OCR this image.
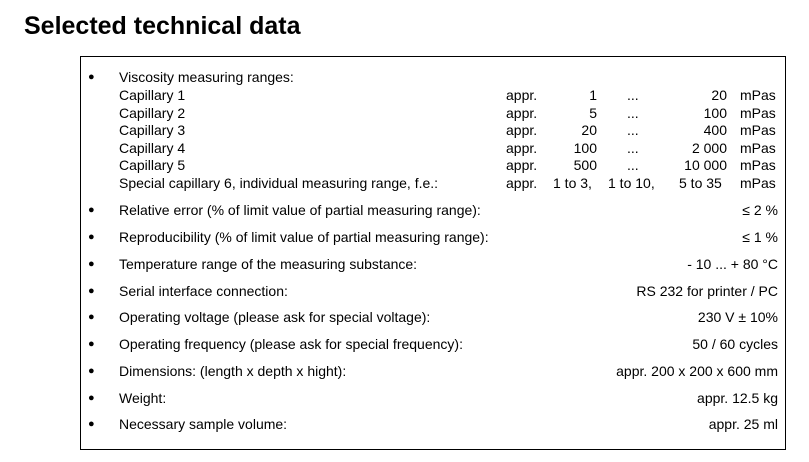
Selected technical data
● Viscosity measuring ranges:
Capillary 1	appr.	1 ...	20 mPas
Capillary 2	appr.	5 ...	100 mPas
Capillary 3	appr.	20 ...	400 mPas
Capillary 4	appr.	100 ...	2 000 mPas
Capillary 5	appr.	500 ...	10 000 mPas
Special capillary 6, individual measuring range, f.e.:	appr. 1 to 3, 1 to 10, 5 to 35 mPas
● Relative error (% of limit value of partial measuring range):	≤ 2 %
● Reproducibility (% of limit value of partial measuring range):	≤ 1 %
● Temperature range of the measuring substance:	- 10 ... + 80 °C
● Serial interface connection:	RS 232 for printer / PC
● Operating voltage (please ask for special voltage):	230 V ± 10%
● Operating frequency (please ask for special frequency):	50 / 60 cycles
● Dimensions: (length x depth x hight):	appr. 200 x 200 x 600 mm
● Weight:	appr. 12.5 kg
● Necessary sample volume:	appr. 25 ml
